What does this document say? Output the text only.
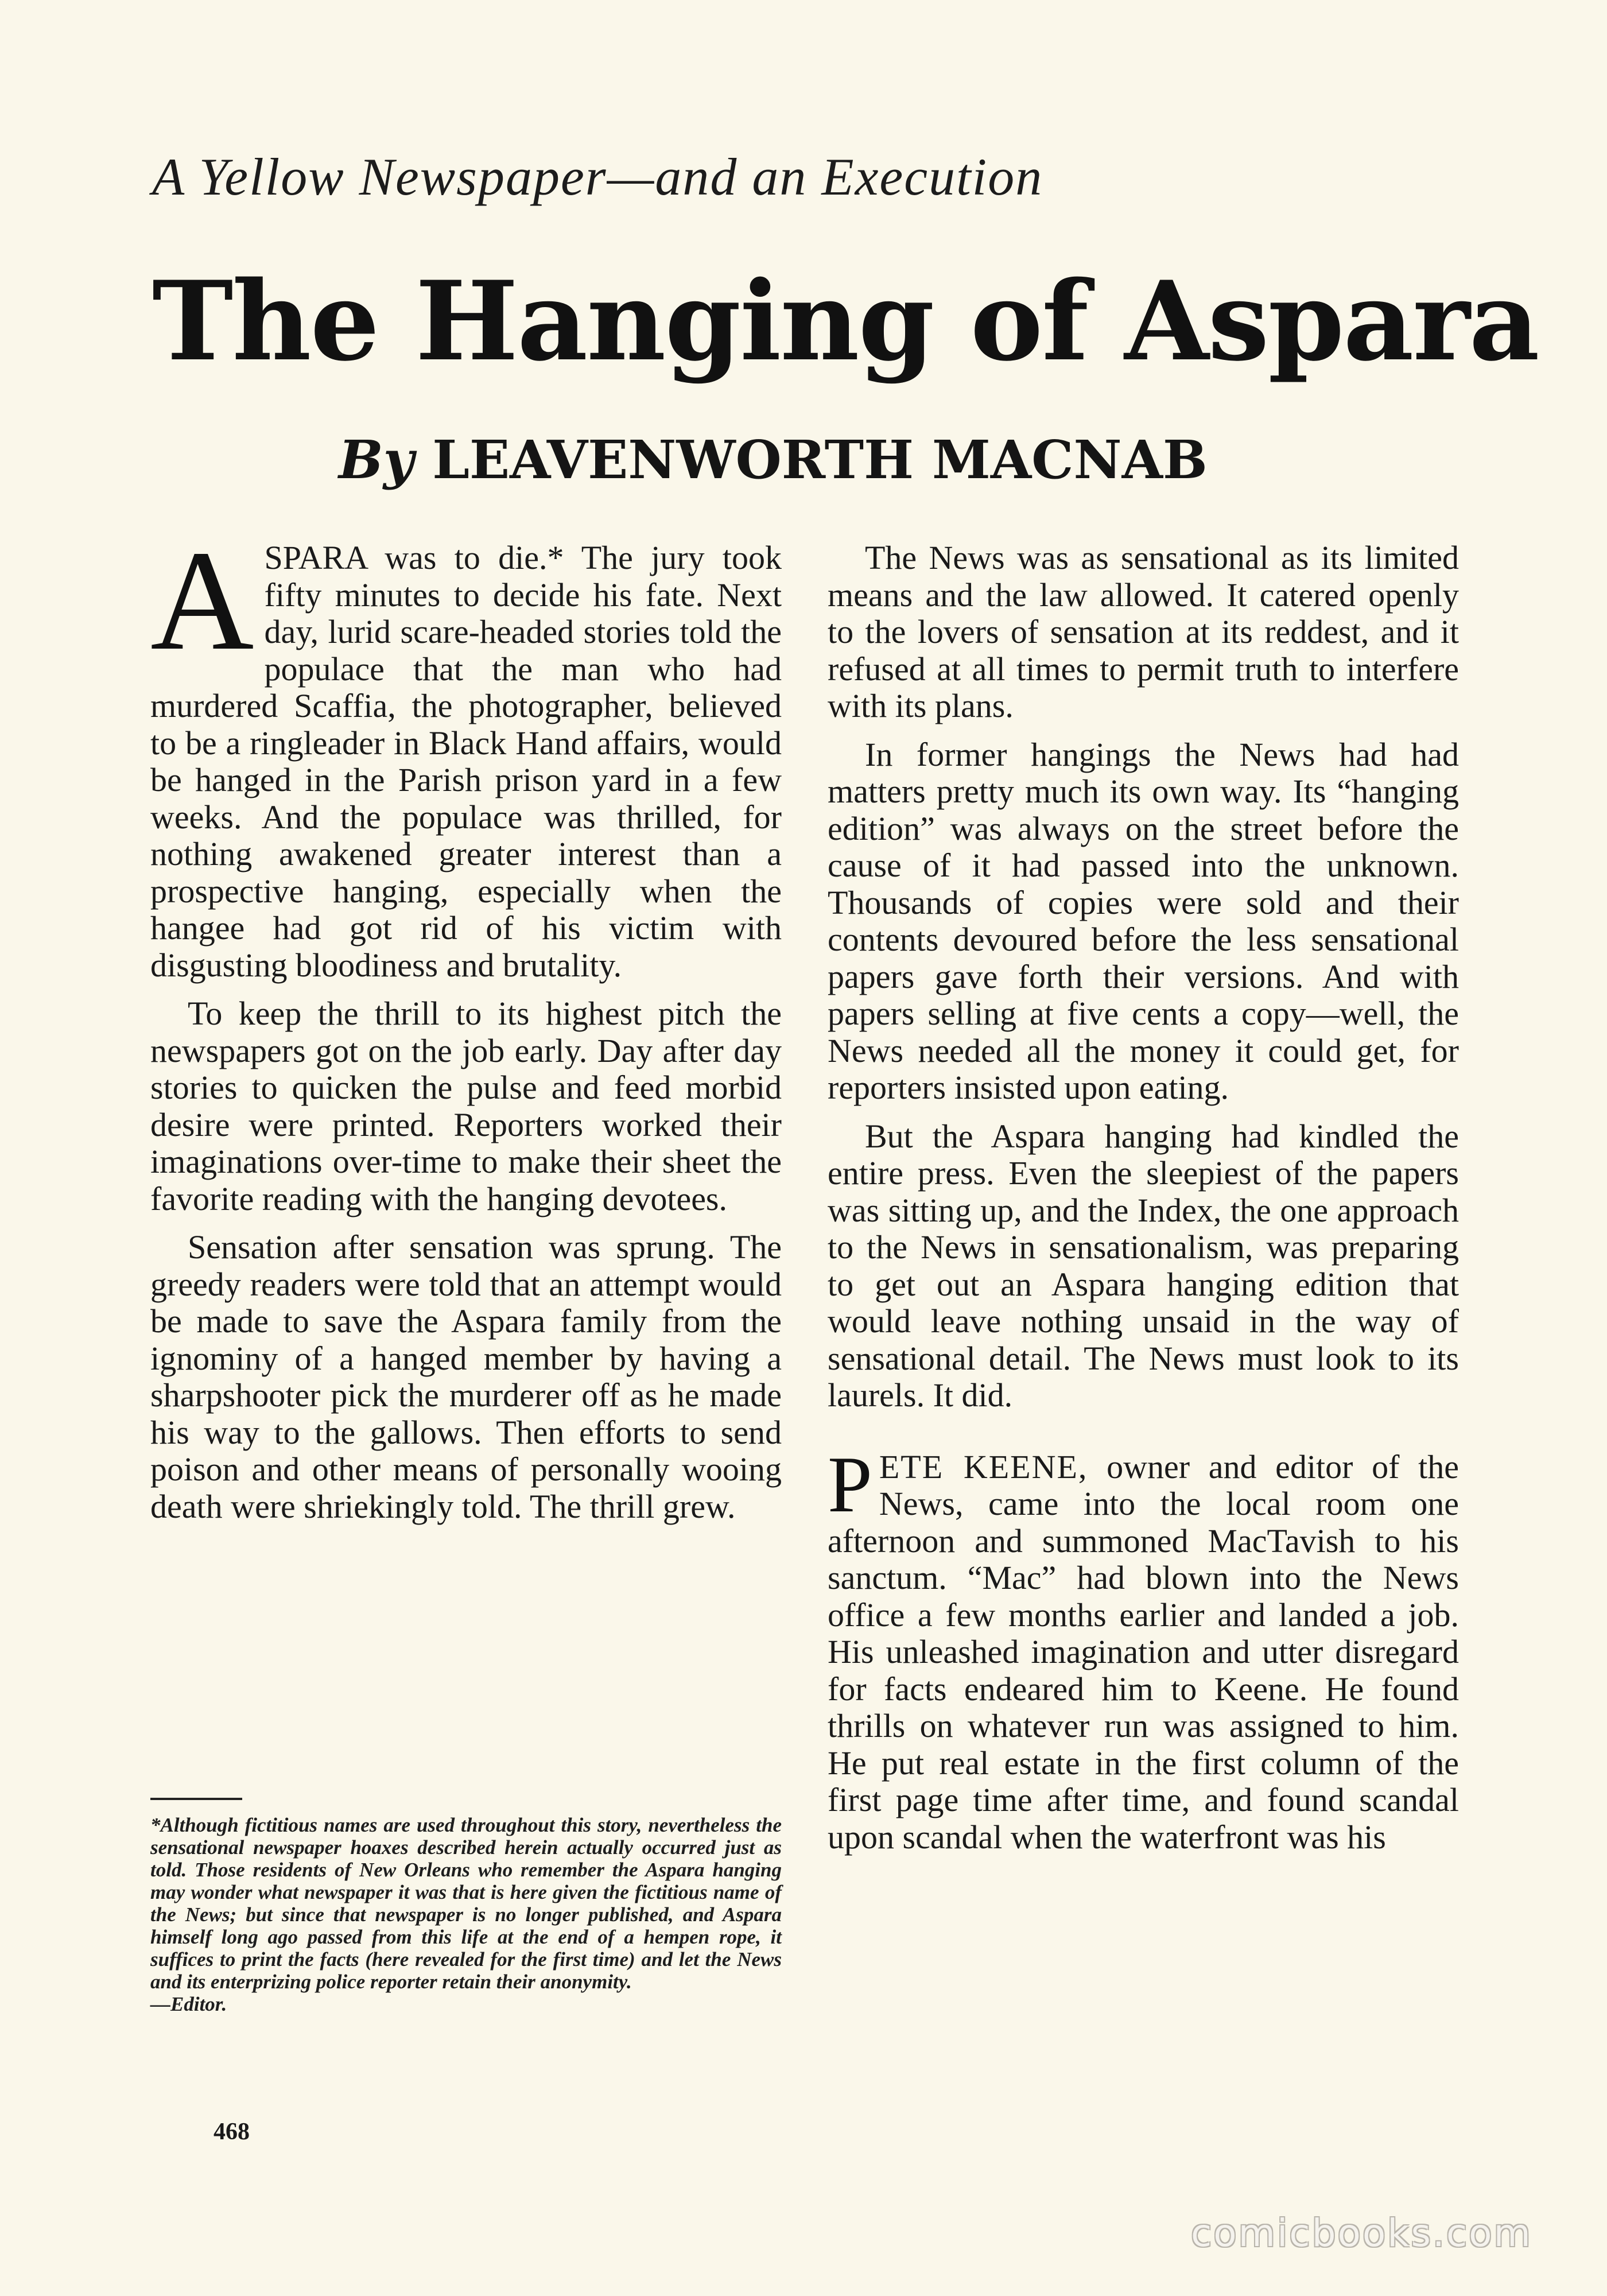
A Yellow Newspaper—and an Execution
The Hanging of Aspara
By LEAVENWORTH MACNAB

ASPARA was to die.* The jury took fifty minutes to decide his fate. Next day, lurid scare-headed stories told the populace that the man who had murdered Scaffia, the photographer, believed to be a ringleader in Black Hand affairs, would be hanged in the Parish prison yard in a few weeks. And the populace was thrilled, for nothing awakened greater interest than a prospective hanging, especially when the hangee had got rid of his victim with disgusting bloodiness and brutality.

To keep the thrill to its highest pitch the newspapers got on the job early. Day after day stories to quicken the pulse and feed morbid desire were printed. Reporters worked their imaginations over-time to make their sheet the favorite reading with the hanging devotees.

Sensation after sensation was sprung. The greedy readers were told that an attempt would be made to save the Aspara family from the ignominy of a hanged member by having a sharpshooter pick the murderer off as he made his way to the gallows. Then efforts to send poison and other means of personally wooing death were shriekingly told. The thrill grew.

*Although fictitious names are used throughout this story, nevertheless the sensational newspaper hoaxes described herein actually occurred just as told. Those residents of New Orleans who remember the Aspara hanging may wonder what newspaper it was that is here given the fictitious name of the News; but since that newspaper is no longer published, and Aspara himself long ago passed from this life at the end of a hempen rope, it suffices to print the facts (here revealed for the first time) and let the News and its enterprizing police reporter retain their anonymity.
—Editor.

The News was as sensational as its limited means and the law allowed. It catered openly to the lovers of sensation at its reddest, and it refused at all times to permit truth to interfere with its plans.

In former hangings the News had had matters pretty much its own way. Its “hanging edition” was always on the street before the cause of it had passed into the unknown. Thousands of copies were sold and their contents devoured before the less sensational papers gave forth their versions. And with papers selling at five cents a copy—well, the News needed all the money it could get, for reporters insisted upon eating.

But the Aspara hanging had kindled the entire press. Even the sleepiest of the papers was sitting up, and the Index, the one approach to the News in sensationalism, was preparing to get out an Aspara hanging edition that would leave nothing unsaid in the way of sensational detail. The News must look to its laurels. It did.

PETE KEENE, owner and editor of the News, came into the local room one afternoon and summoned MacTavish to his sanctum. “Mac” had blown into the News office a few months earlier and landed a job. His unleashed imagination and utter disregard for facts endeared him to Keene. He found thrills on whatever run was assigned to him. He put real estate in the first column of the first page time after time, and found scandal upon scandal when the waterfront was his

468
comicbooks.com
